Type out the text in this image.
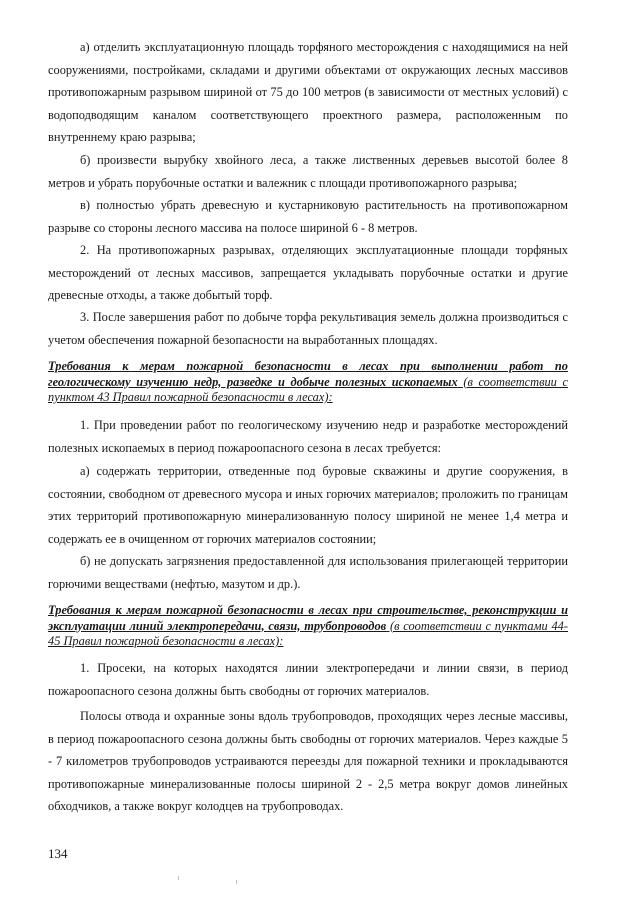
а) отделить эксплуатационную площадь торфяного месторождения с находящимися на ней сооружениями, постройками, складами и другими объектами от окружающих лесных массивов противопожарным разрывом шириной от 75 до 100 метров (в зависимости от местных условий) с водоподводящим каналом соответствующего проектного размера, расположенным по внутреннему краю разрыва;

б) произвести вырубку хвойного леса, а также лиственных деревьев высотой более 8 метров и убрать порубочные остатки и валежник с площади противопожарного разрыва;

в) полностью убрать древесную и кустарниковую растительность на противопожарном разрыве со стороны лесного массива на полосе шириной 6 - 8 метров.

2. На противопожарных разрывах, отделяющих эксплуатационные площади торфяных месторождений от лесных массивов, запрещается укладывать порубочные остатки и другие древесные отходы, а также добытый торф.

3. После завершения работ по добыче торфа рекультивация земель должна производиться с учетом обеспечения пожарной безопасности на выработанных площадях.

Требования к мерам пожарной безопасности в лесах при выполнении работ по геологическому изучению недр, разведке и добыче полезных ископаемых (в соответствии с пунктом 43 Правил пожарной безопасности в лесах):

1. При проведении работ по геологическому изучению недр и разработке месторождений полезных ископаемых в период пожароопасного сезона в лесах требуется:

а) содержать территории, отведенные под буровые скважины и другие сооружения, в состоянии, свободном от древесного мусора и иных горючих материалов; проложить по границам этих территорий противопожарную минерализованную полосу шириной не менее 1,4 метра и содержать ее в очищенном от горючих материалов состоянии;

б) не допускать загрязнения предоставленной для использования прилегающей территории горючими веществами (нефтью, мазутом и др.).

Требования к мерам пожарной безопасности в лесах при строительстве, реконструкции и эксплуатации линий электропередачи, связи, трубопроводов (в соответствии с пунктами 44-45 Правил пожарной безопасности в лесах):

1. Просеки, на которых находятся линии электропередачи и линии связи, в период пожароопасного сезона должны быть свободны от горючих материалов.

Полосы отвода и охранные зоны вдоль трубопроводов, проходящих через лесные массивы, в период пожароопасного сезона должны быть свободны от горючих материалов. Через каждые 5 - 7 километров трубопроводов устраиваются переезды для пожарной техники и прокладываются противопожарные минерализованные полосы шириной 2 - 2,5 метра вокруг домов линейных обходчиков, а также вокруг колодцев на трубопроводах.

134
